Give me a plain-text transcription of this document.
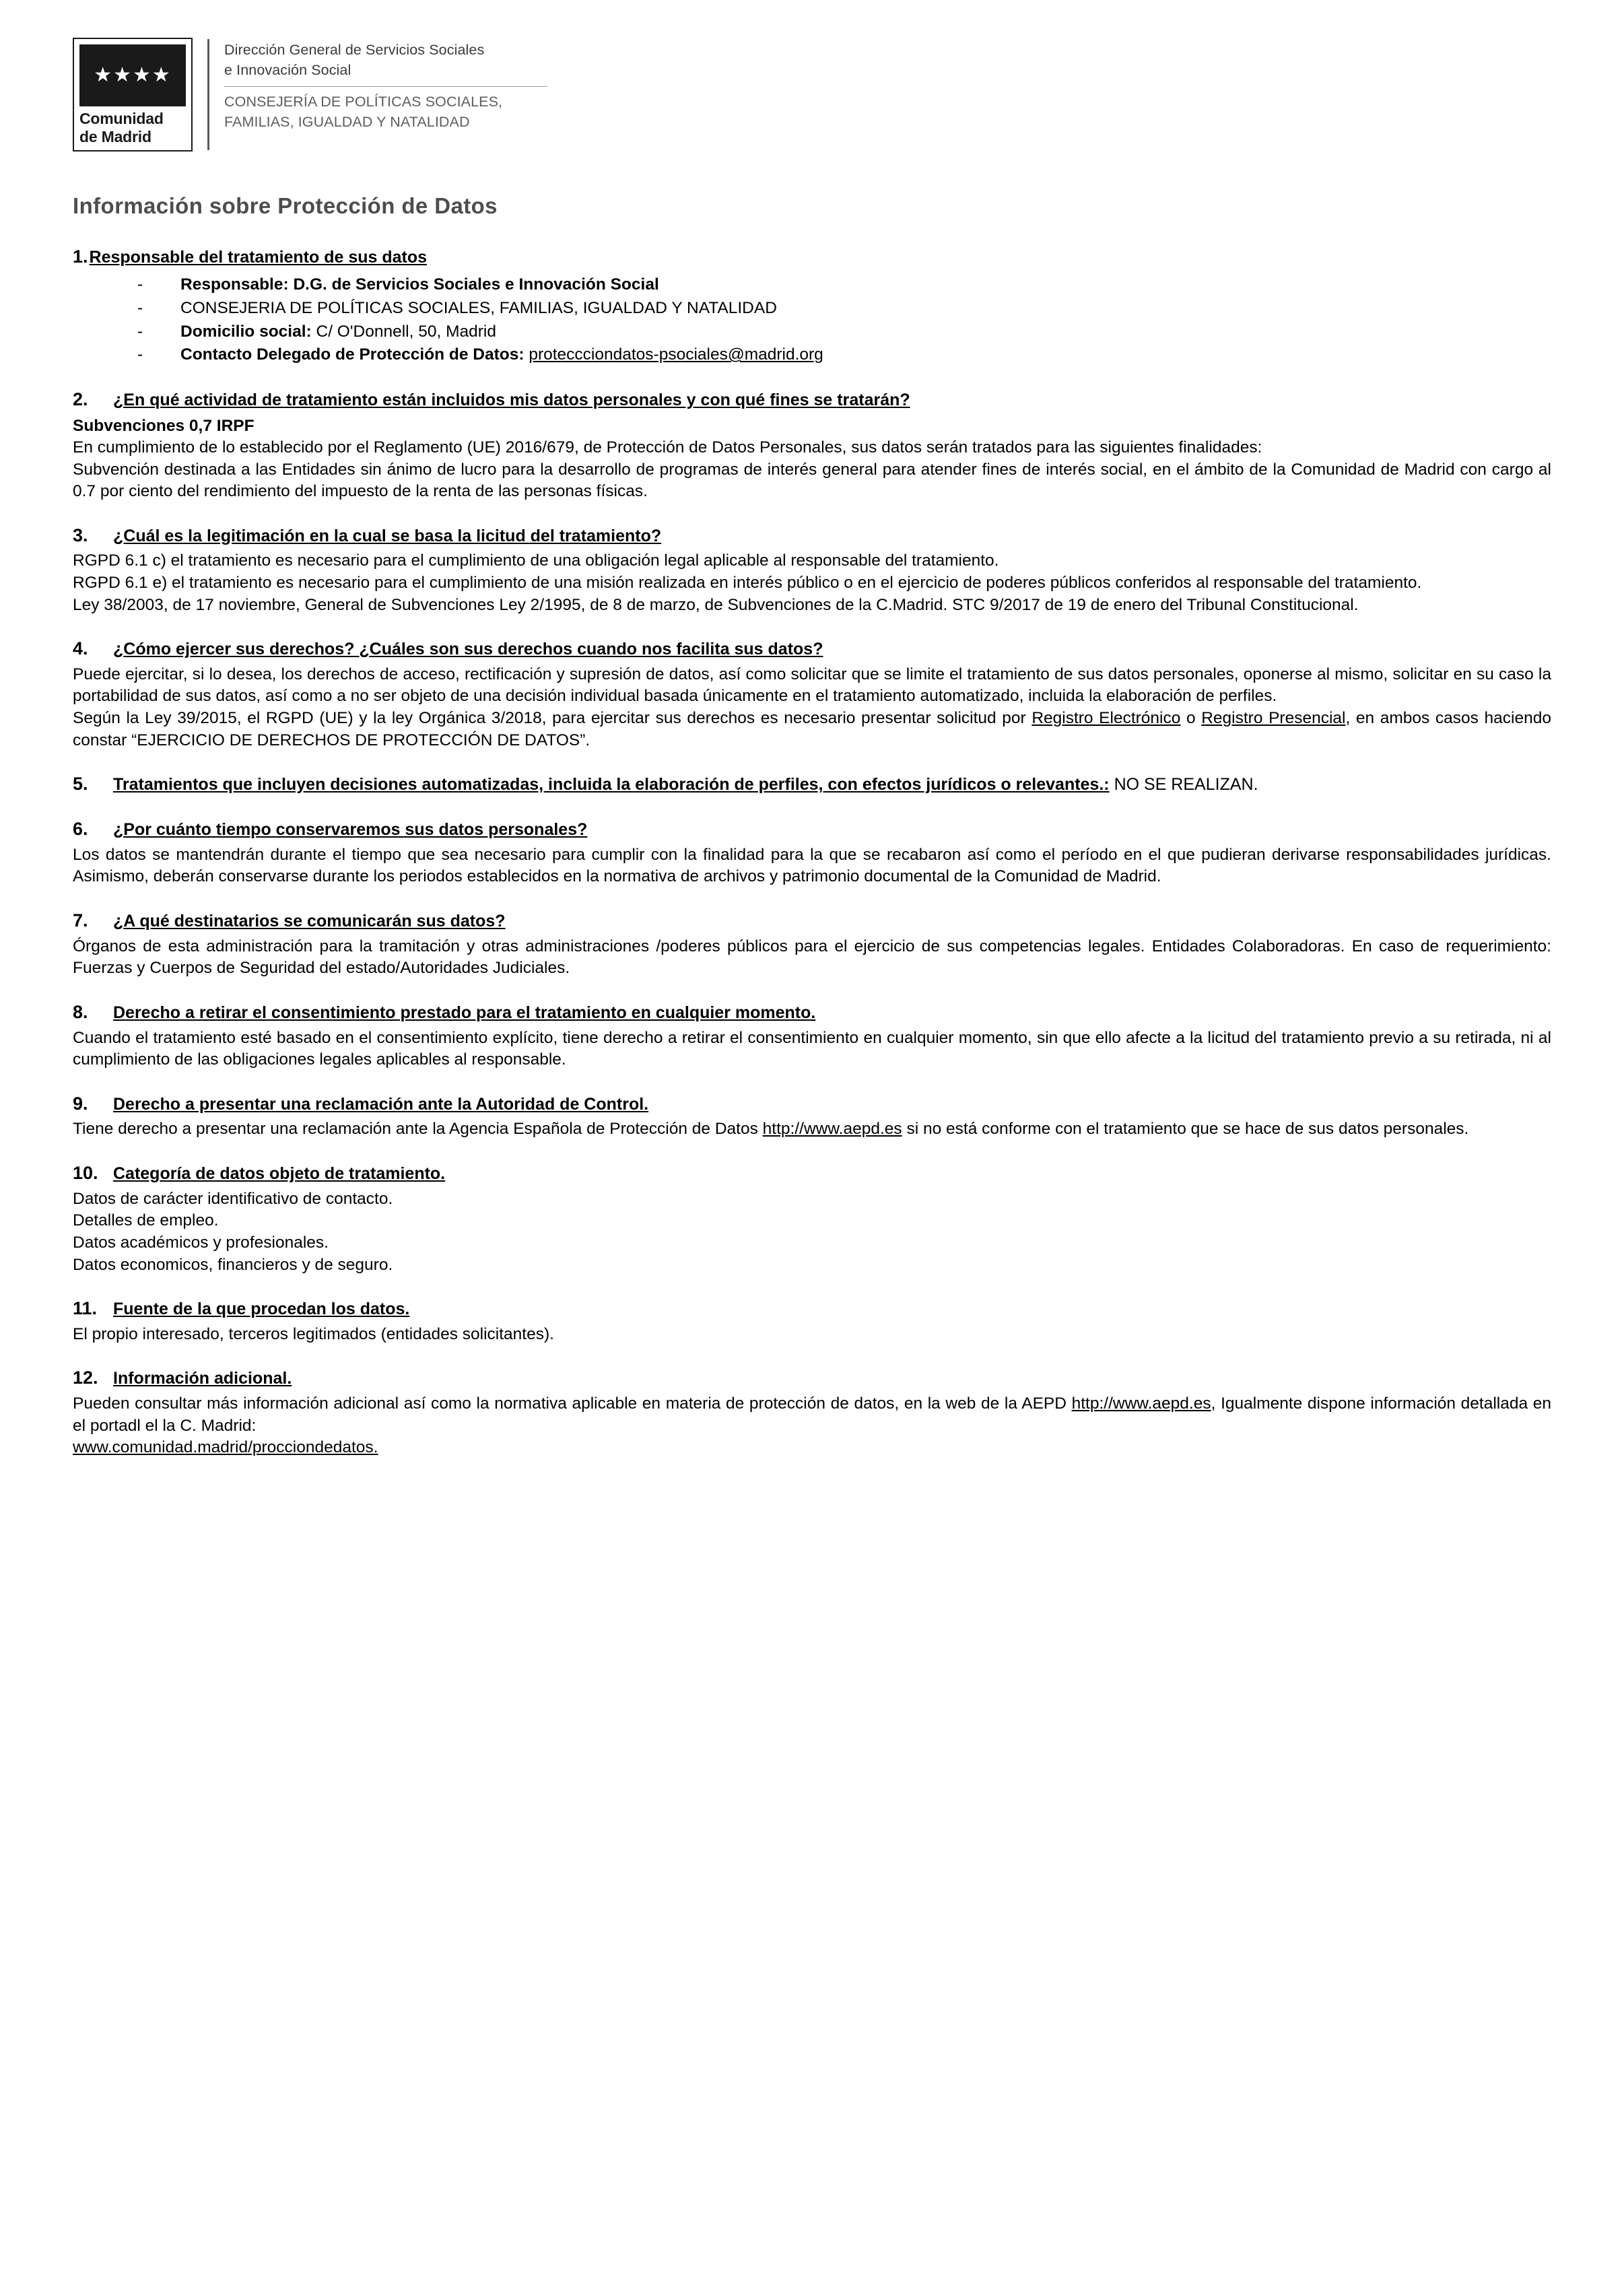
★★★★
Comunidad
de Madrid
Dirección General de Servicios Sociales
e Innovación Social
CONSEJERÍA DE POLÍTICAS SOCIALES,
FAMILIAS, IGUALDAD Y NATALIDAD
Información sobre Protección de Datos
1.Responsable del tratamiento de sus datos
- Responsable: D.G. de Servicios Sociales e Innovación Social
- CONSEJERIA DE POLÍTICAS SOCIALES, FAMILIAS, IGUALDAD Y NATALIDAD
- Domicilio social: C/ O'Donnell, 50, Madrid
- Contacto Delegado de Protección de Datos: proteccciondatos-psociales@madrid.org
2. ¿En qué actividad de tratamiento están incluidos mis datos personales y con qué fines se tratarán?
Subvenciones 0,7 IRPF

En cumplimiento de lo establecido por el Reglamento (UE) 2016/679, de Protección de Datos Personales, sus datos serán tratados para las siguientes finalidades:

Subvención destinada a las Entidades sin ánimo de lucro para la desarrollo de programas de interés general para atender fines de interés social, en el ámbito de la Comunidad de Madrid con cargo al 0.7 por ciento del rendimiento del impuesto de la renta de las personas físicas.

3. ¿Cuál es la legitimación en la cual se basa la licitud del tratamiento?

RGPD 6.1 c) el tratamiento es necesario para el cumplimiento de una obligación legal aplicable al responsable del tratamiento.

RGPD 6.1 e) el tratamiento es necesario para el cumplimiento de una misión realizada en interés público o en el ejercicio de poderes públicos conferidos al responsable del tratamiento.

Ley 38/2003, de 17 noviembre, General de Subvenciones Ley 2/1995, de 8 de marzo, de Subvenciones de la C.Madrid. STC 9/2017 de 19 de enero del Tribunal Constitucional.

4. ¿Cómo ejercer sus derechos? ¿Cuáles son sus derechos cuando nos facilita sus datos?

Puede ejercitar, si lo desea, los derechos de acceso, rectificación y supresión de datos, así como solicitar que se limite el tratamiento de sus datos personales, oponerse al mismo, solicitar en su caso la portabilidad de sus datos, así como a no ser objeto de una decisión individual basada únicamente en el tratamiento automatizado, incluida la elaboración de perfiles.

Según la Ley 39/2015, el RGPD (UE) y la ley Orgánica 3/2018, para ejercitar sus derechos es necesario presentar solicitud por Registro Electrónico o Registro Presencial, en ambos casos haciendo constar “EJERCICIO DE DERECHOS DE PROTECCIÓN DE DATOS”.

5. Tratamientos que incluyen decisiones automatizadas, incluida la elaboración de perfiles, con efectos jurídicos o relevantes.: NO SE REALIZAN.
6. ¿Por cuánto tiempo conservaremos sus datos personales?

Los datos se mantendrán durante el tiempo que sea necesario para cumplir con la finalidad para la que se recabaron así como el período en el que pudieran derivarse responsabilidades jurídicas. Asimismo, deberán conservarse durante los periodos establecidos en la normativa de archivos y patrimonio documental de la Comunidad de Madrid.

7. ¿A qué destinatarios se comunicarán sus datos?

Órganos de esta administración para la tramitación y otras administraciones /poderes públicos para el ejercicio de sus competencias legales. Entidades Colaboradoras. En caso de requerimiento: Fuerzas y Cuerpos de Seguridad del estado/Autoridades Judiciales.

8. Derecho a retirar el consentimiento prestado para el tratamiento en cualquier momento.

Cuando el tratamiento esté basado en el consentimiento explícito, tiene derecho a retirar el consentimiento en cualquier momento, sin que ello afecte a la licitud del tratamiento previo a su retirada, ni al cumplimiento de las obligaciones legales aplicables al responsable.

9. Derecho a presentar una reclamación ante la Autoridad de Control.

Tiene derecho a presentar una reclamación ante la Agencia Española de Protección de Datos http://www.aepd.es si no está conforme con el tratamiento que se hace de sus datos personales.

10. Categoría de datos objeto de tratamiento.
Datos de carácter identificativo de contacto.
Detalles de empleo.
Datos académicos y profesionales.
Datos economicos, financieros y de seguro.
11. Fuente de la que procedan los datos.

El propio interesado, terceros legitimados (entidades solicitantes).

12. Información adicional.

Pueden consultar más información adicional así como la normativa aplicable en materia de protección de datos, en la web de la AEPD http://www.aepd.es, Igualmente dispone información detallada en el portadl el la C. Madrid:

www.comunidad.madrid/procciondedatos.
